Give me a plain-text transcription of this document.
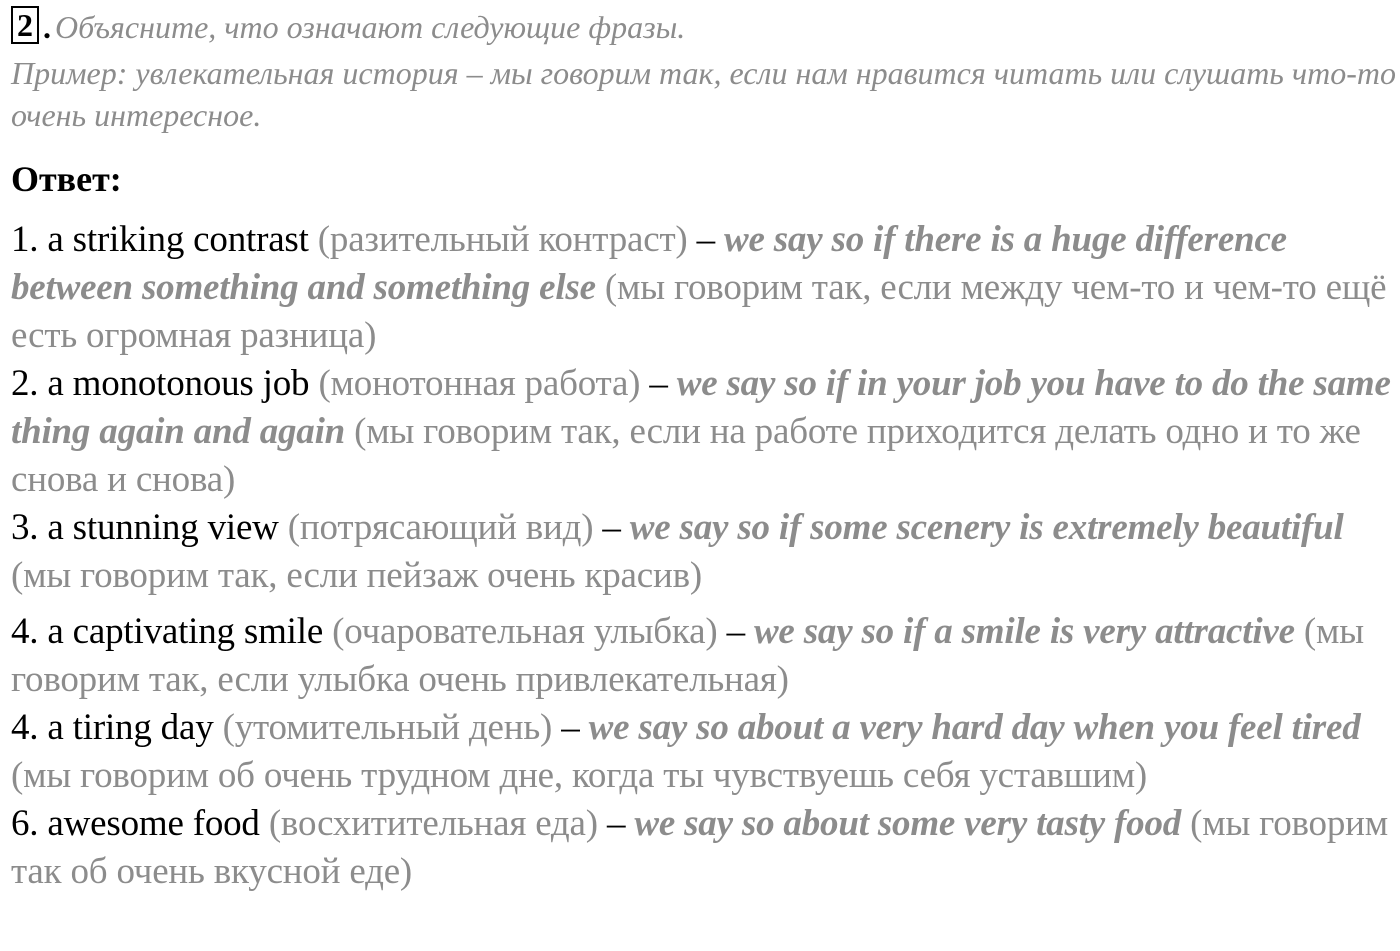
2 . Объясните, что означают следующие фразы.
Пример: увлекательная история – мы говорим так, если нам нравится читать или слушать что-то очень интересное.
Ответ:
1. a striking contrast (разительный контраст) – we say so if there is a huge difference between something and something else (мы говорим так, если между чем-то и чем-то ещё есть огромная разница)
2. a monotonous job (монотонная работа) – we say so if in your job you have to do the same thing again and again (мы говорим так, если на работе приходится делать одно и то же снова и снова)
3. a stunning view (потрясающий вид) – we say so if some scenery is extremely beautiful (мы говорим так, если пейзаж очень красив)
4. a captivating smile (очаровательная улыбка) – we say so if a smile is very attractive (мы говорим так, если улыбка очень привлекательная)
4. a tiring day (утомительный день) – we say so about a very hard day when you feel tired (мы говорим об очень трудном дне, когда ты чувствуешь себя уставшим)
6. awesome food (восхитительная еда) – we say so about some very tasty food (мы говорим так об очень вкусной еде)
